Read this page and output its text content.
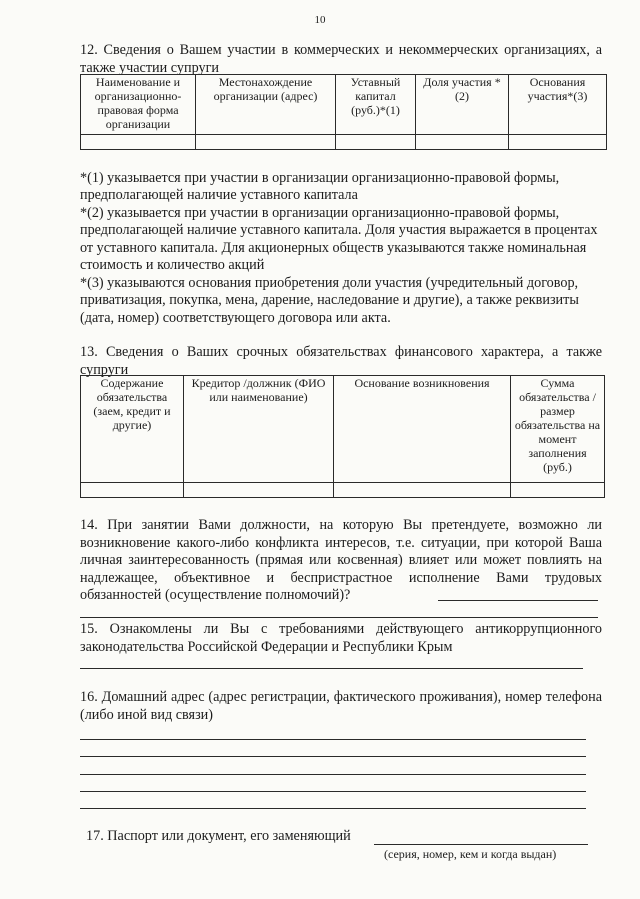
10
12. Сведения о Вашем участии в коммерческих и некоммерческих организациях, а также участии супруги
Наименование и организационно-правовая форма организации	Местонахождение организации (адрес)	Уставный капитал (руб.)*(1)	Доля участия *(2)	Основания участия*(3)

*(1) указывается при участии в организации организационно-правовой формы, предполагающей наличие уставного капитала
*(2) указывается при участии в организации организационно-правовой формы, предполагающей наличие уставного капитала. Доля участия выражается в процентах от уставного капитала. Для акционерных обществ указываются также номинальная стоимость и количество акций
*(3) указываются основания приобретения доли участия (учредительный договор, приватизация, покупка, мена, дарение, наследование и другие), а также реквизиты (дата, номер) соответствующего договора или акта.
13. Сведения о Ваших срочных обязательствах финансового характера, а также супруги
Содержание обязательства (заем, кредит и другие)	Кредитор /должник (ФИО или наименование)	Основание возникновения	Сумма обязательства / размер обязательства на момент заполнения (руб.)

14. При занятии Вами должности, на которую Вы претендуете, возможно ли возникновение какого-либо конфликта интересов, т.е. ситуации, при которой Ваша личная заинтересованность (прямая или косвенная) влияет или может повлиять на надлежащее, объективное и беспристрастное исполнение Вами трудовых обязанностей (осуществление полномочий)?
15. Ознакомлены ли Вы с требованиями действующего антикоррупционного законодательства Российской Федерации и Республики Крым
16. Домашний адрес (адрес регистрации, фактического проживания), номер телефона (либо иной вид связи)
17. Паспорт или документ, его заменяющий
(серия, номер, кем и когда выдан)
